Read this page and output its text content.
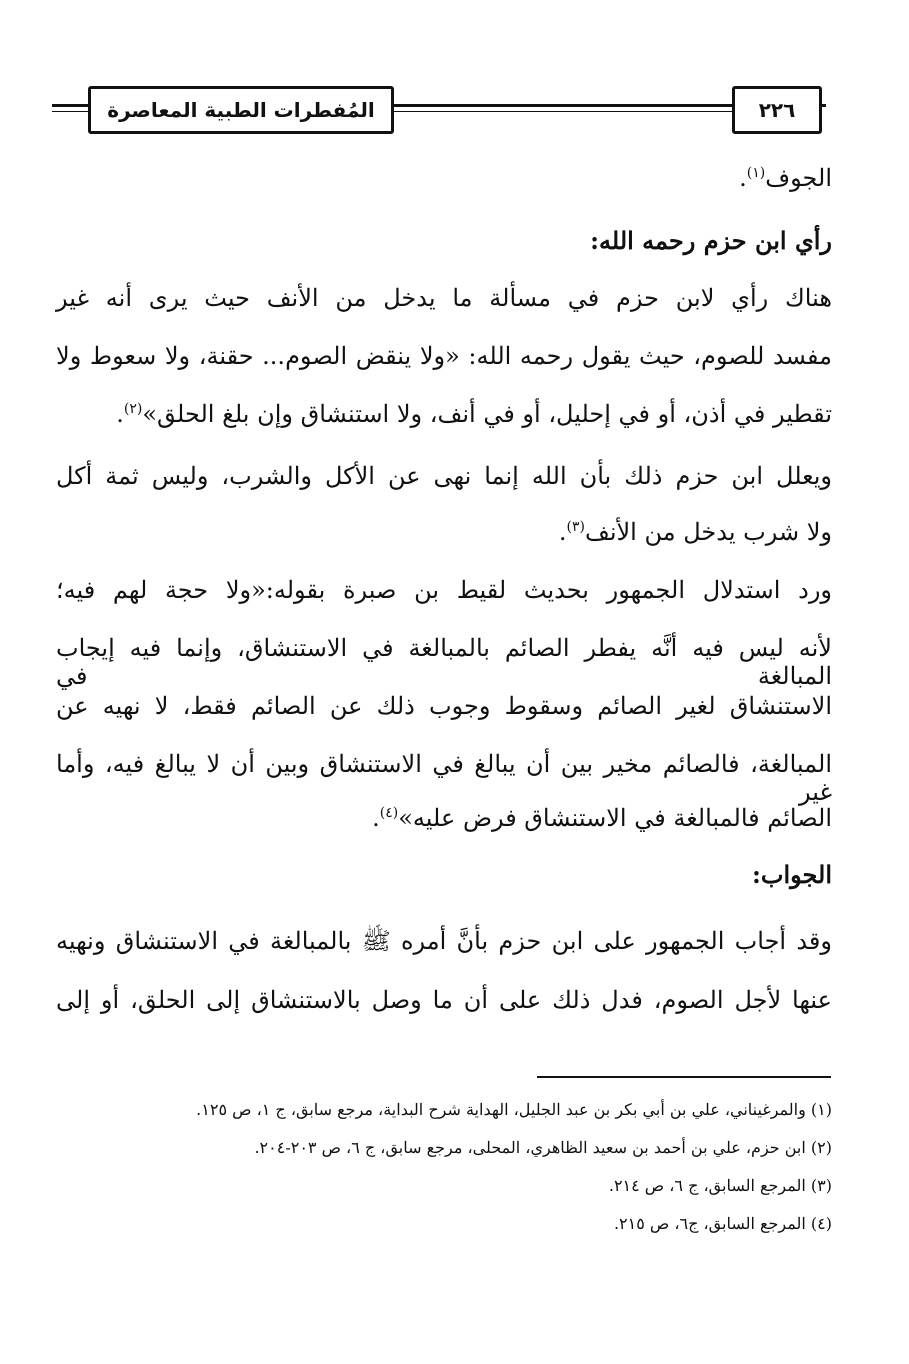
المُفطرات الطبية المعاصرة	٢٢٦
الجوف$^{(١)}$.
رأي ابن حزم رحمه الله:
هناك رأي لابن حزم في مسألة ما يدخل من الأنف حيث يرى أنه غير
مفسد للصوم، حيث يقول رحمه الله: «ولا ينقض الصوم... حقنة، ولا سعوط ولا
تقطير في أذن، أو في إحليل، أو في أنف، ولا استنشاق وإن بلغ الحلق»$^{(٢)}$.
ويعلل ابن حزم ذلك بأن الله إنما نهى عن الأكل والشرب، وليس ثمة أكل
ولا شرب يدخل من الأنف$^{(٣)}$.
ورد استدلال الجمهور بحديث لقيط بن صبرة بقوله:«ولا حجة لهم فيه؛
لأنه ليس فيه أنَّه يفطر الصائم بالمبالغة في الاستنشاق، وإنما فيه إيجاب المبالغة في
الاستنشاق لغير الصائم وسقوط وجوب ذلك عن الصائم فقط، لا نهيه عن
المبالغة، فالصائم مخير بين أن يبالغ في الاستنشاق وبين أن لا يبالغ فيه، وأما غير
الصائم فالمبالغة في الاستنشاق فرض عليه»$^{(٤)}$.
الجواب:
وقد أجاب الجمهور على ابن حزم بأنَّ أمره ﷺ بالمبالغة في الاستنشاق ونهيه
عنها لأجل الصوم، فدل ذلك على أن ما وصل بالاستنشاق إلى الحلق، أو إلى
(١) والمرغيناني، علي بن أبي بكر بن عبد الجليل، الهداية شرح البداية، مرجع سابق، ج ١، ص ١٢٥.
(٢) ابن حزم، علي بن أحمد بن سعيد الظاهري، المحلى، مرجع سابق، ج ٦، ص ٢٠٣-٢٠٤.
(٣) المرجع السابق، ج ٦، ص ٢١٤.
(٤) المرجع السابق، ج٦، ص ٢١٥.
